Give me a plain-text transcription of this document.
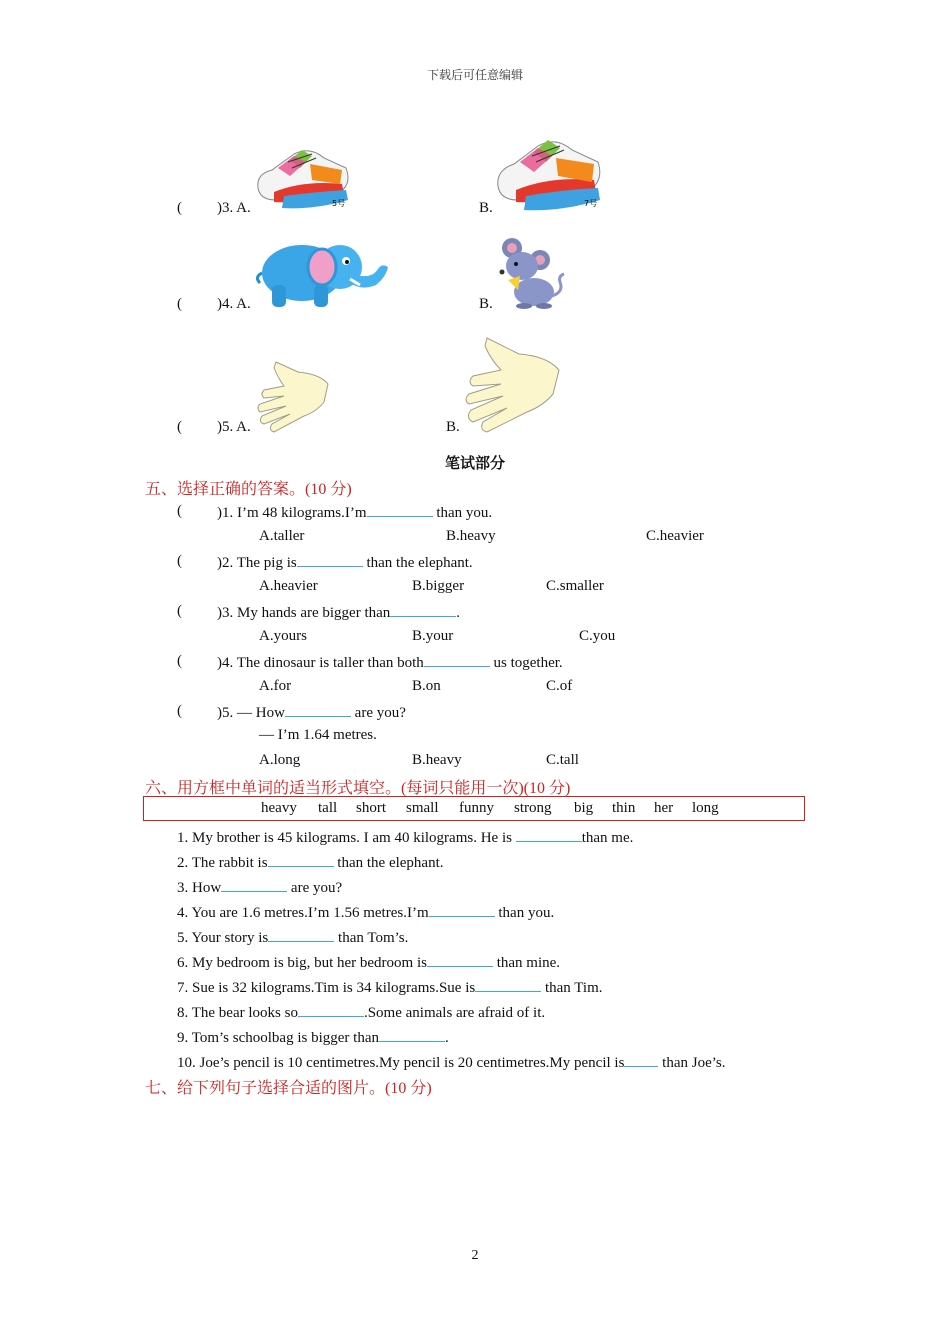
下载后可任意编辑
( )3. A.	B.
5号	7号
( )4. A.	B.
( )5. A.	B.
笔试部分
五、选择正确的答案。(10 分)
( )1. I’m 48 kilograms.I’m	than you.
A.taller	B.heavy	C.heavier
( )2. The pig is	than the elephant.
A.heavier	B.bigger	C.smaller
( )3. My hands are bigger than	.
A.yours	B.your	C.you
( )4. The dinosaur is taller than both	us together.
A.for	B.on	C.of
( )5. — How	are you?
— I’m 1.64 metres.
A.long	B.heavy	C.tall
六、用方框中单词的适当形式填空。(每词只能用一次)(10 分)
heavy tall short small funny strong big thin her long
1. My brother is 45 kilograms. I am 40 kilograms. He is	than me.
2. The rabbit is	than the elephant.
3. How	are you?
4. You are 1.6 metres.I’m 1.56 metres.I’m	than you.
5. Your story is	than Tom’s.
6. My bedroom is big, but her bedroom is	than mine.
7. Sue is 32 kilograms.Tim is 34 kilograms.Sue is	than Tim.
8. The bear looks so	.Some animals are afraid of it.
9. Tom’s schoolbag is bigger than	.
10. Joe’s pencil is 10 centimetres.My pencil is 20 centimetres.My pencil is than Joe’s.
七、给下列句子选择合适的图片。(10 分)
2
